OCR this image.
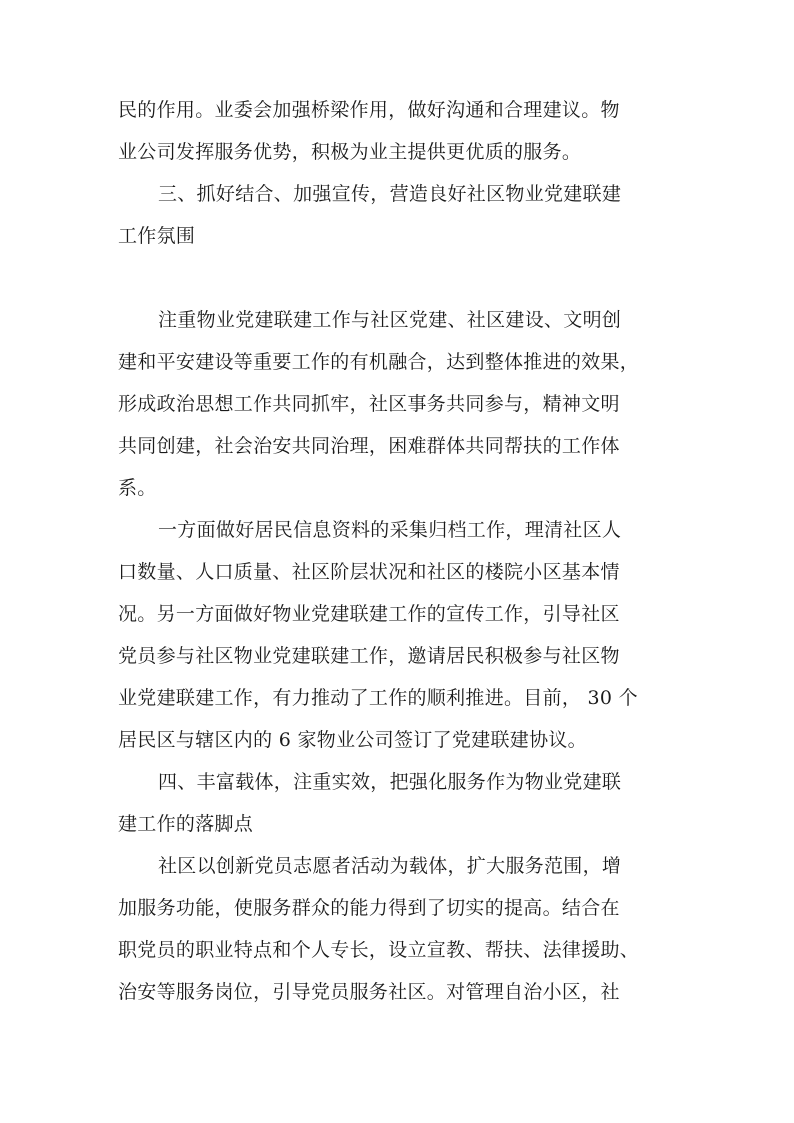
民的作用。业委会加强桥梁作用，做好沟通和合理建议。物
业公司发挥服务优势，积极为业主提供更优质的服务。
三、抓好结合、加强宣传，营造良好社区物业党建联建
工作氛围
注重物业党建联建工作与社区党建、社区建设、文明创
建和平安建设等重要工作的有机融合，达到整体推进的效果，
形成政治思想工作共同抓牢，社区事务共同参与，精神文明
共同创建，社会治安共同治理，困难群体共同帮扶的工作体
系。
一方面做好居民信息资料的采集归档工作，理清社区人
口数量、人口质量、社区阶层状况和社区的楼院小区基本情
况。另一方面做好物业党建联建工作的宣传工作，引导社区
党员参与社区物业党建联建工作，邀请居民积极参与社区物
业党建联建工作，有力推动了工作的顺利推进。目前， 30 个
居民区与辖区内的 6 家物业公司签订了党建联建协议。
四、丰富载体，注重实效，把强化服务作为物业党建联
建工作的落脚点
社区以创新党员志愿者活动为载体，扩大服务范围，增
加服务功能，使服务群众的能力得到了切实的提高。结合在
职党员的职业特点和个人专长，设立宣教、帮扶、法律援助、
治安等服务岗位，引导党员服务社区。对管理自治小区，社
